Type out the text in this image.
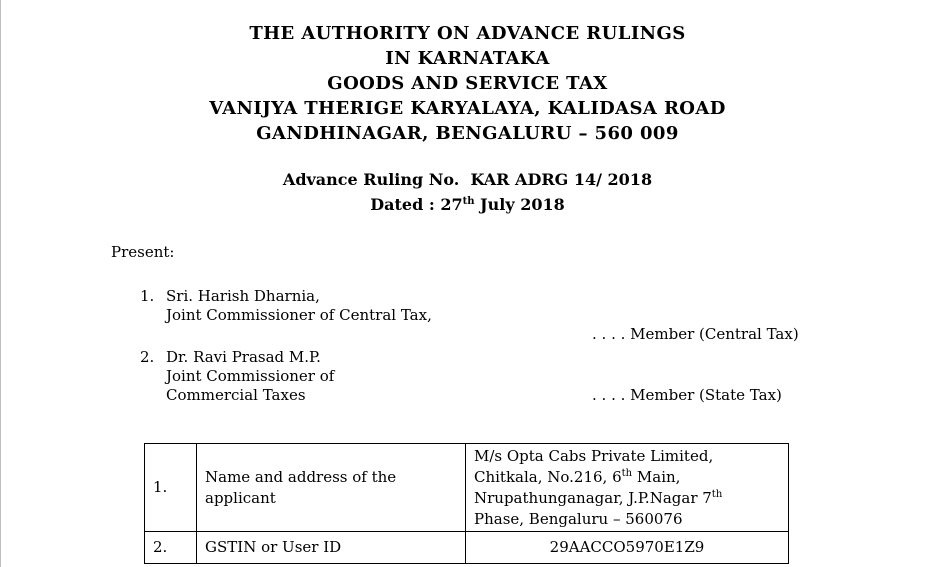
THE AUTHORITY ON ADVANCE RULINGS
IN KARNATAKA
GOODS AND SERVICE TAX
VANIJYA THERIGE KARYALAYA, KALIDASA ROAD
GANDHINAGAR, BENGALURU – 560 009
Advance Ruling No. KAR ADRG 14/ 2018
Dated : 27th July 2018
Present:
1. Sri. Harish Dharnia,
Joint Commissioner of Central Tax,
. . . . Member (Central Tax)
2. Dr. Ravi Prasad M.P.
Joint Commissioner of
Commercial Taxes	. . . . Member (State Tax)
1.	Name and address of the applicant	M/s Opta Cabs Private Limited,
Chitkala, No.216, 6th Main,
Nrupathunganagar, J.P.Nagar 7th
Phase, Bengaluru – 560076

2.	GSTIN or User ID	29AACCO5970E1Z9
